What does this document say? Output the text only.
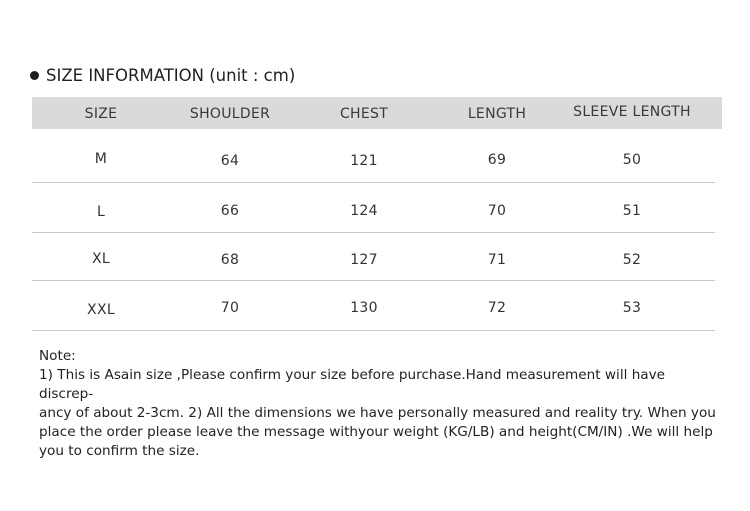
SIZE INFORMATION (unit : cm)
SIZE	SHOULDER	CHEST	LENGTH	SLEEVE LENGTH
M	64	121	69	50
L	66	124	70	51
XL	68	127	71	52
XXL	70	130	72	53

Note:

1) This is Asain size ,Please confirm your size before purchase.Hand measurement will have discrep-

ancy of about 2-3cm. 2) All the dimensions we have personally measured and reality try. When you

place the order please leave the message withyour weight (KG/LB) and height(CM/IN) .We will help

you to confirm the size.
